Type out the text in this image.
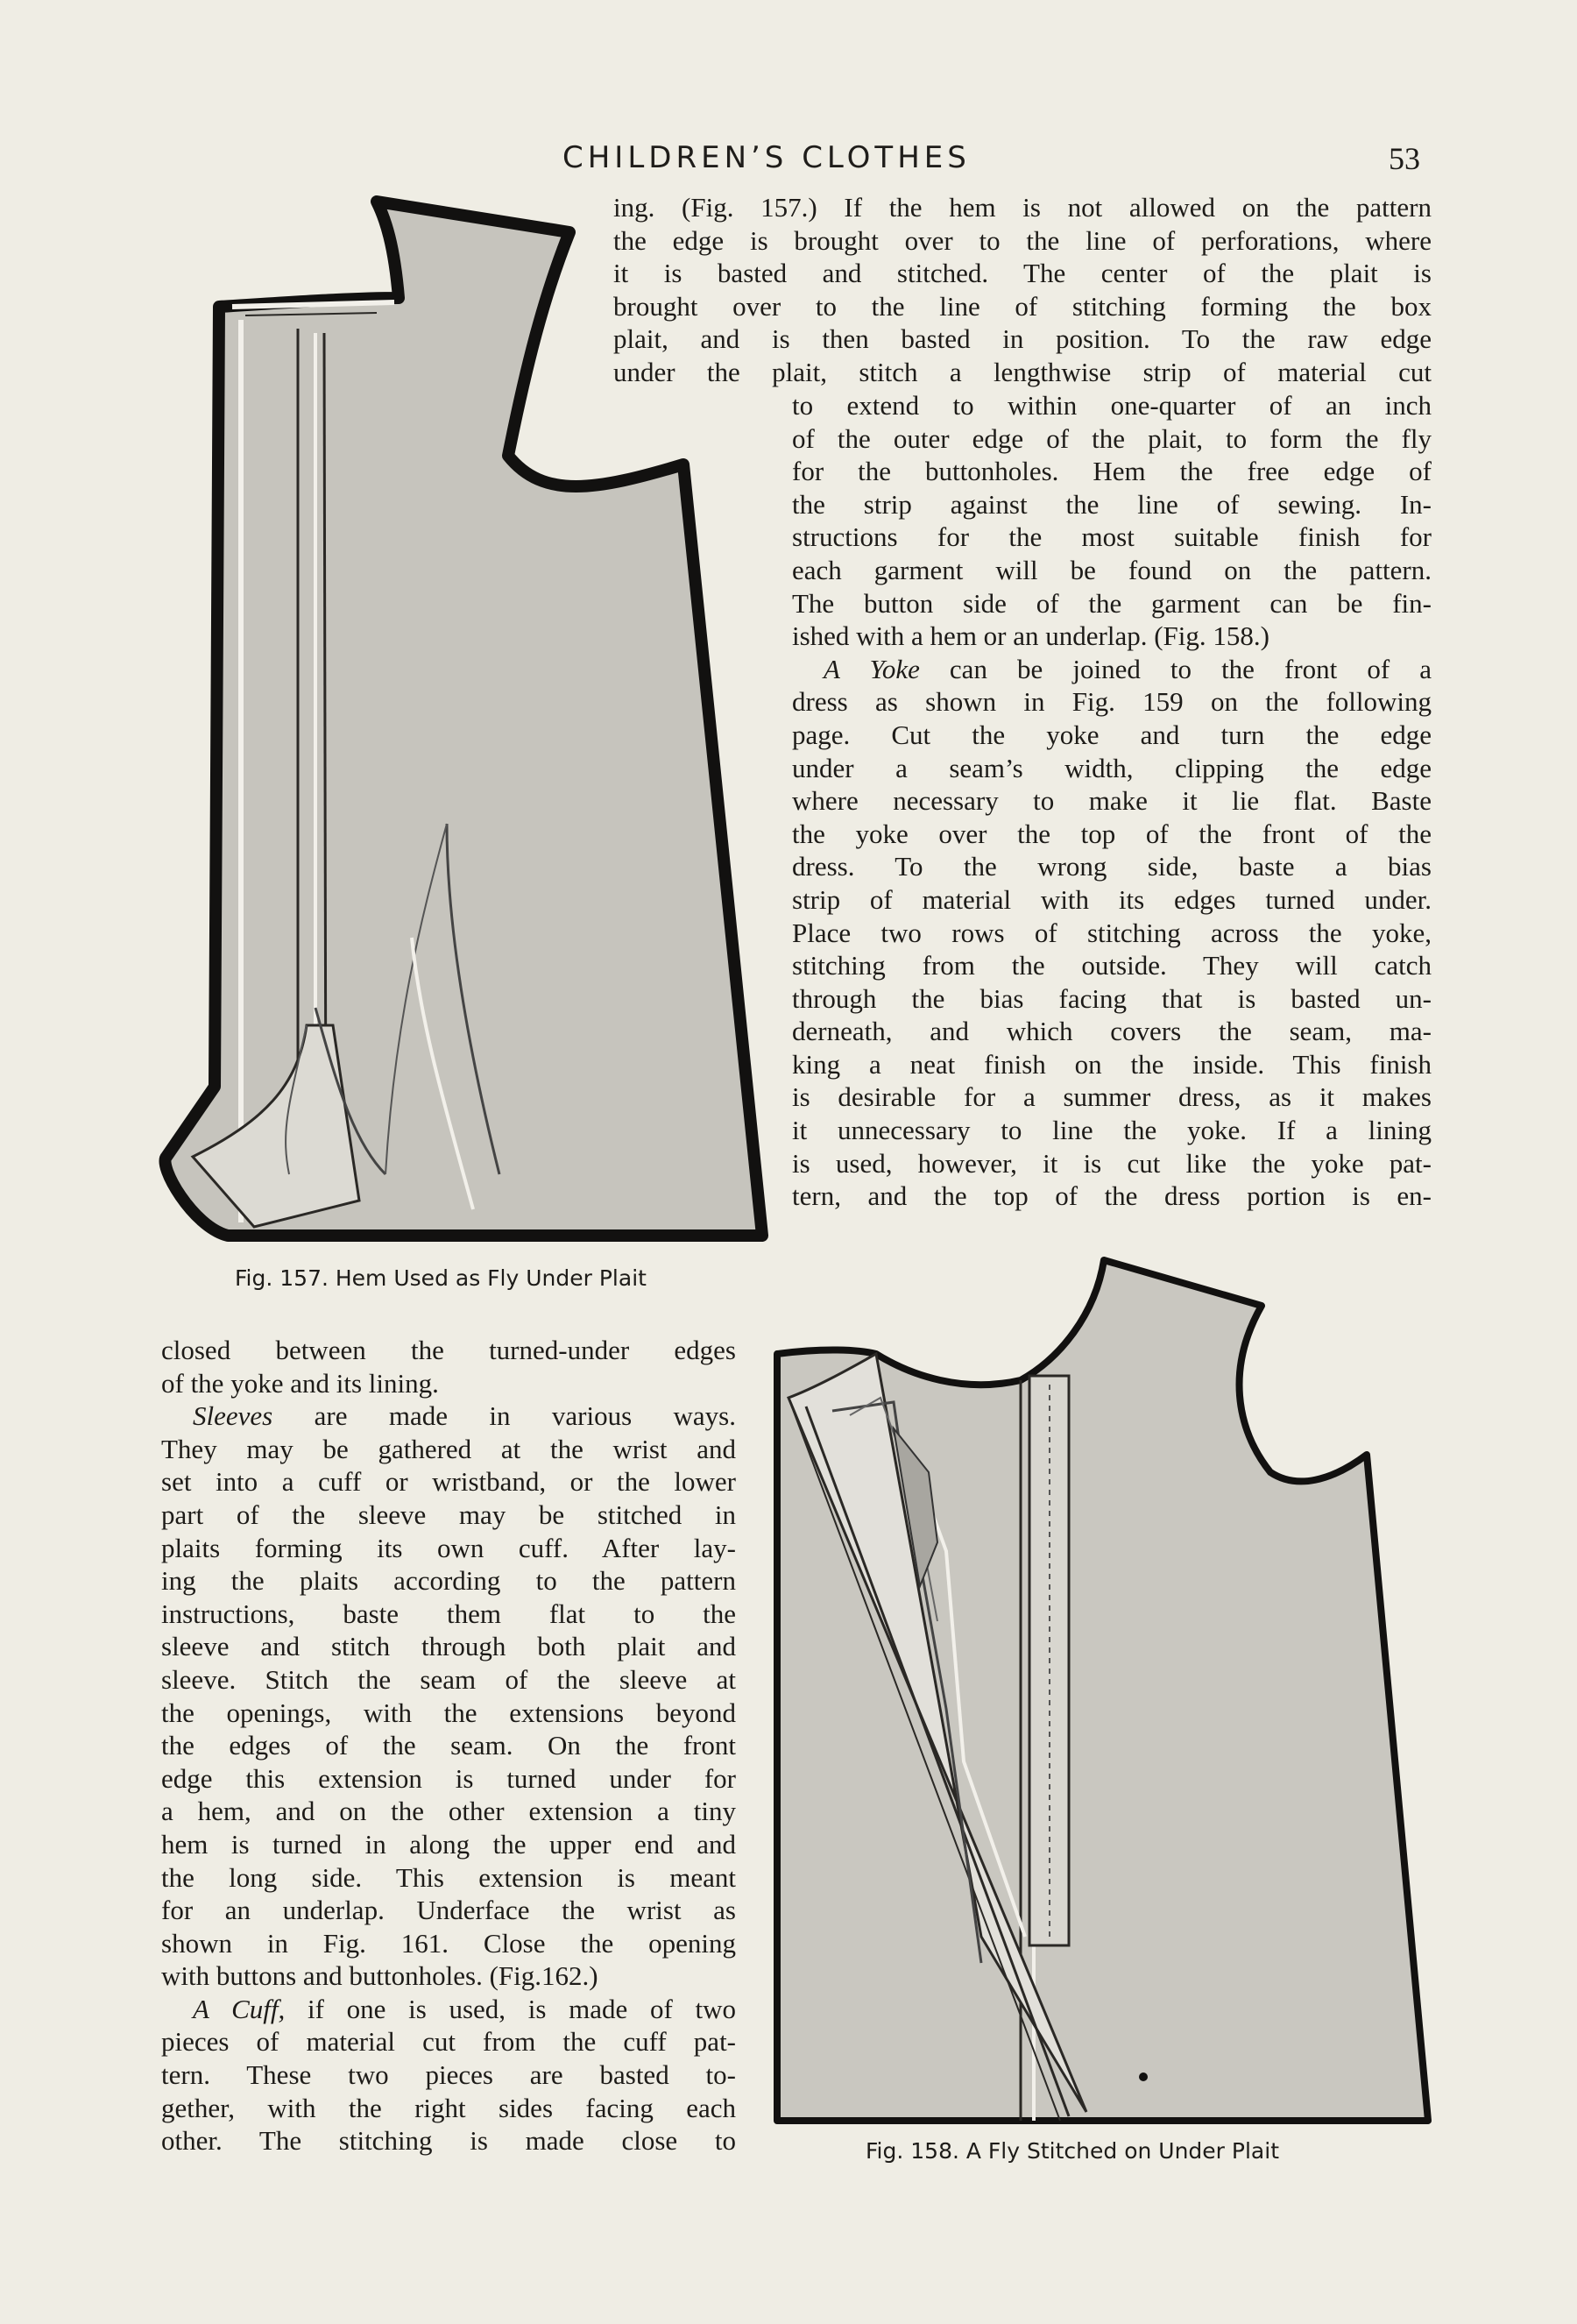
CHILDREN’S CLOTHES	53
Fig. 157. Hem Used as Fly Under Plait
Fig. 158. A Fly Stitched on Under Plait
ing. (Fig. 157.) If the hem is not allowed on the pattern
the edge is brought over to the line of perforations, where
it is basted and stitched. The center of the plait is
brought over to the line of stitching forming the box
plait, and is then basted in position. To the raw edge
under the plait, stitch a lengthwise strip of material cut
to extend to within one-quarter of an inch
of the outer edge of the plait, to form the fly
for the buttonholes. Hem the free edge of
the strip against the line of sewing. In-
structions for the most suitable finish for
each garment will be found on the pattern.
The button side of the garment can be fin-
ished with a hem or an underlap. (Fig. 158.)
A Yoke can be joined to the front of a
dress as shown in Fig. 159 on the following
page. Cut the yoke and turn the edge
under a seam’s width, clipping the edge
where necessary to make it lie flat. Baste
the yoke over the top of the front of the
dress. To the wrong side, baste a bias
strip of material with its edges turned under.
Place two rows of stitching across the yoke,
stitching from the outside. They will catch
through the bias facing that is basted un-
derneath, and which covers the seam, ma-
king a neat finish on the inside. This finish
is desirable for a summer dress, as it makes
it unnecessary to line the yoke. If a lining
is used, however, it is cut like the yoke pat-
tern, and the top of the dress portion is en-
closed between the turned-under edges
of the yoke and its lining.
Sleeves are made in various ways.
They may be gathered at the wrist and
set into a cuff or wristband, or the lower
part of the sleeve may be stitched in
plaits forming its own cuff. After lay-
ing the plaits according to the pattern
instructions, baste them flat to the
sleeve and stitch through both plait and
sleeve. Stitch the seam of the sleeve at
the openings, with the extensions beyond
the edges of the seam. On the front
edge this extension is turned under for
a hem, and on the other extension a tiny
hem is turned in along the upper end and
the long side. This extension is meant
for an underlap. Underface the wrist as
shown in Fig. 161. Close the opening
with buttons and buttonholes. (Fig.162.)
A Cuff, if one is used, is made of two
pieces of material cut from the cuff pat-
tern. These two pieces are basted to-
gether, with the right sides facing each
other. The stitching is made close to
